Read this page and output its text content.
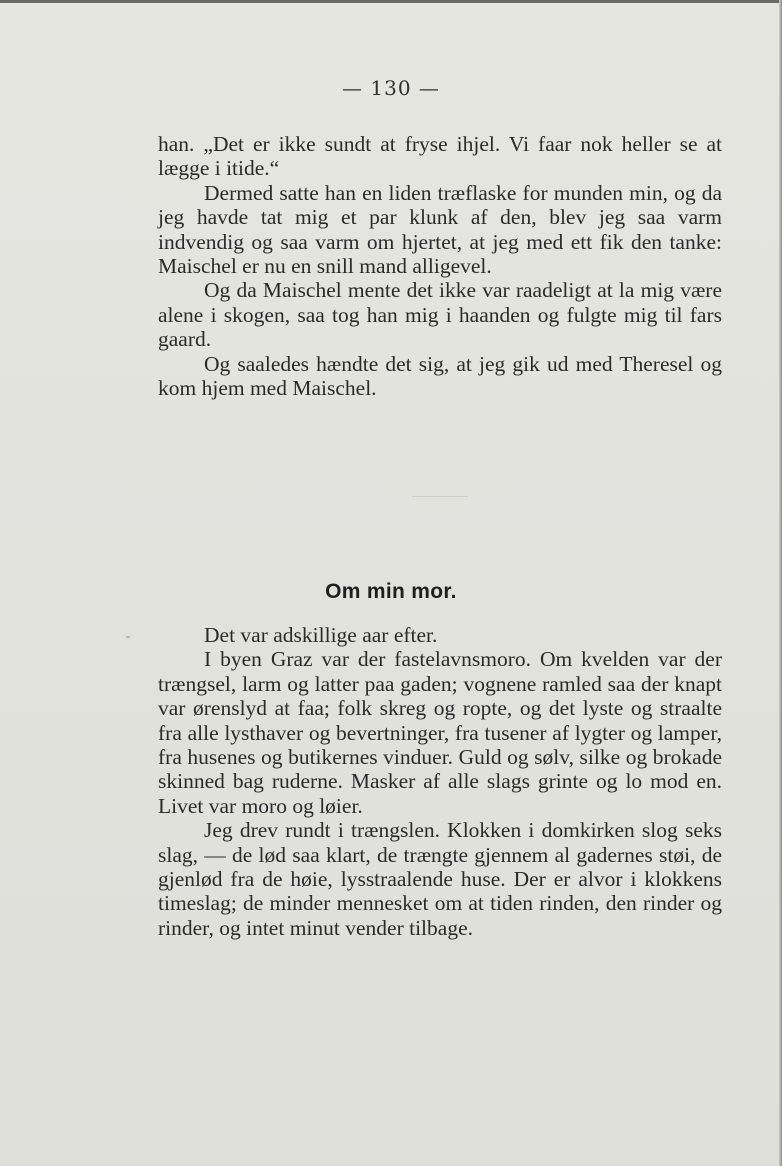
— 130 —

han. „Det er ikke sundt at fryse ihjel. Vi faar nok heller se at lægge i itide.“

Dermed satte han en liden træflaske for munden min, og da jeg havde tat mig et par klunk af den, blev jeg saa varm indvendig og saa varm om hjertet, at jeg med ett fik den tanke: Maischel er nu en snill mand alligevel.

Og da Maischel mente det ikke var raadeligt at la mig være alene i skogen, saa tog han mig i haanden og fulgte mig til fars gaard.

Og saaledes hændte det sig, at jeg gik ud med Theresel og kom hjem med Maischel.

Om min mor.

Det var adskillige aar efter.

I byen Graz var der fastelavnsmoro. Om kvelden var der trængsel, larm og latter paa gaden; vognene ramled saa der knapt var ørenslyd at faa; folk skreg og ropte, og det lyste og straalte fra alle lysthaver og bevertninger, fra tusener af lygter og lamper, fra husenes og butikernes vinduer. Guld og sølv, silke og brokade skinned bag ruderne. Masker af alle slags grinte og lo mod en. Livet var moro og løier.

Jeg drev rundt i trængslen. Klokken i domkirken slog seks slag, — de lød saa klart, de trængte gjennem al gadernes støi, de gjenlød fra de høie, lysstraalende huse. Der er alvor i klokkens timeslag; de minder mennesket om at tiden rinden, den rinder og rinder, og intet minut vender tilbage.
